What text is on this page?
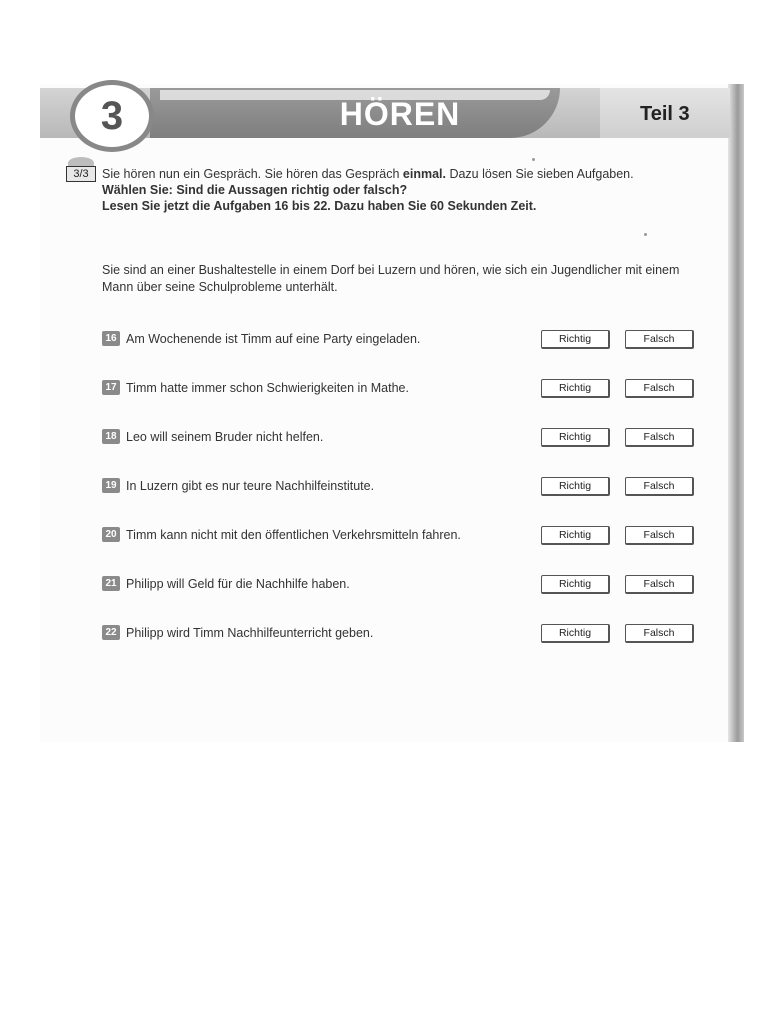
3	HÖREN	Teil 3
3/3	Sie hören nun ein Gespräch. Sie hören das Gespräch einmal. Dazu lösen Sie sieben Aufgaben.
Wählen Sie: Sind die Aussagen richtig oder falsch?
Lesen Sie jetzt die Aufgaben 16 bis 22. Dazu haben Sie 60 Sekunden Zeit.
Sie sind an einer Bushaltestelle in einem Dorf bei Luzern und hören, wie sich ein Jugendlicher mit einem Mann über seine Schulprobleme unterhält.
16 Am Wochenende ist Timm auf eine Party eingeladen.	Richtig	Falsch
17 Timm hatte immer schon Schwierigkeiten in Mathe.	Richtig	Falsch
18 Leo will seinem Bruder nicht helfen.	Richtig	Falsch
19 In Luzern gibt es nur teure Nachhilfeinstitute.	Richtig	Falsch
20 Timm kann nicht mit den öffentlichen Verkehrsmitteln fahren.	Richtig	Falsch
21 Philipp will Geld für die Nachhilfe haben.	Richtig	Falsch
22 Philipp wird Timm Nachhilfeunterricht geben.	Richtig	Falsch
